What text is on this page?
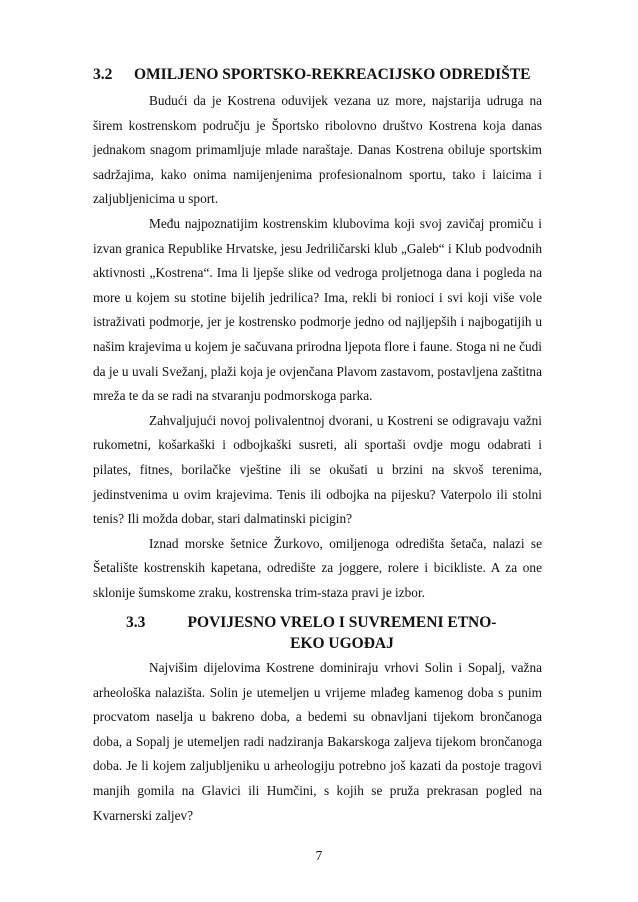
3.2 OMILJENO SPORTSKO-REKREACIJSKO ODREDIŠTE

Budući da je Kostrena oduvijek vezana uz more, najstarija udruga na širem kostrenskom području je Športsko ribolovno društvo Kostrena koja danas jednakom snagom primamljuje mlade naraštaje. Danas Kostrena obiluje sportskim sadržajima, kako onima namijenjenima profesionalnom sportu, tako i laicima i zaljubljenicima u sport.

Među najpoznatijim kostrenskim klubovima koji svoj zavičaj promiču i izvan granica Republike Hrvatske, jesu Jedriličarski klub „Galeb“ i Klub podvodnih aktivnosti „Kostrena“. Ima li ljepše slike od vedroga proljetnoga dana i pogleda na more u kojem su stotine bijelih jedrilica? Ima, rekli bi ronioci i svi koji više vole istraživati podmorje, jer je kostrensko podmorje jedno od najljepših i najbogatijih u našim krajevima u kojem je sačuvana prirodna ljepota flore i faune. Stoga ni ne čudi da je u uvali Svežanj, plaži koja je ovjenčana Plavom zastavom, postavljena zaštitna mreža te da se radi na stvaranju podmorskoga parka.

Zahvaljujući novoj polivalentnoj dvorani, u Kostreni se odigravaju važni rukometni, košarkaški i odbojkaški susreti, ali sportaši ovdje mogu odabrati i pilates, fitnes, borilačke vještine ili se okušati u brzini na skvoš terenima, jedinstvenima u ovim krajevima. Tenis ili odbojka na pijesku? Vaterpolo ili stolni tenis? Ili možda dobar, stari dalmatinski picigin?

Iznad morske šetnice Žurkovo, omiljenoga odredišta šetača, nalazi se Šetalište kostrenskih kapetana, odredište za joggere, rolere i bicikliste. A za one sklonije šumskome zraku, kostrenska trim-staza pravi je izbor.

3.3	POVIJESNO VRELO I SUVREMENI ETNO-EKO UGOĐAJ

Najvišim dijelovima Kostrene dominiraju vrhovi Solin i Sopalj, važna arheološka nalazišta. Solin je utemeljen u vrijeme mlađeg kamenog doba s punim procvatom naselja u bakreno doba, a bedemi su obnavljani tijekom brončanoga doba, a Sopalj je utemeljen radi nadziranja Bakarskoga zaljeva tijekom brončanoga doba. Je li kojem zaljubljeniku u arheologiju potrebno još kazati da postoje tragovi manjih gomila na Glavici ili Humčini, s kojih se pruža prekrasan pogled na Kvarnerski zaljev?

7
